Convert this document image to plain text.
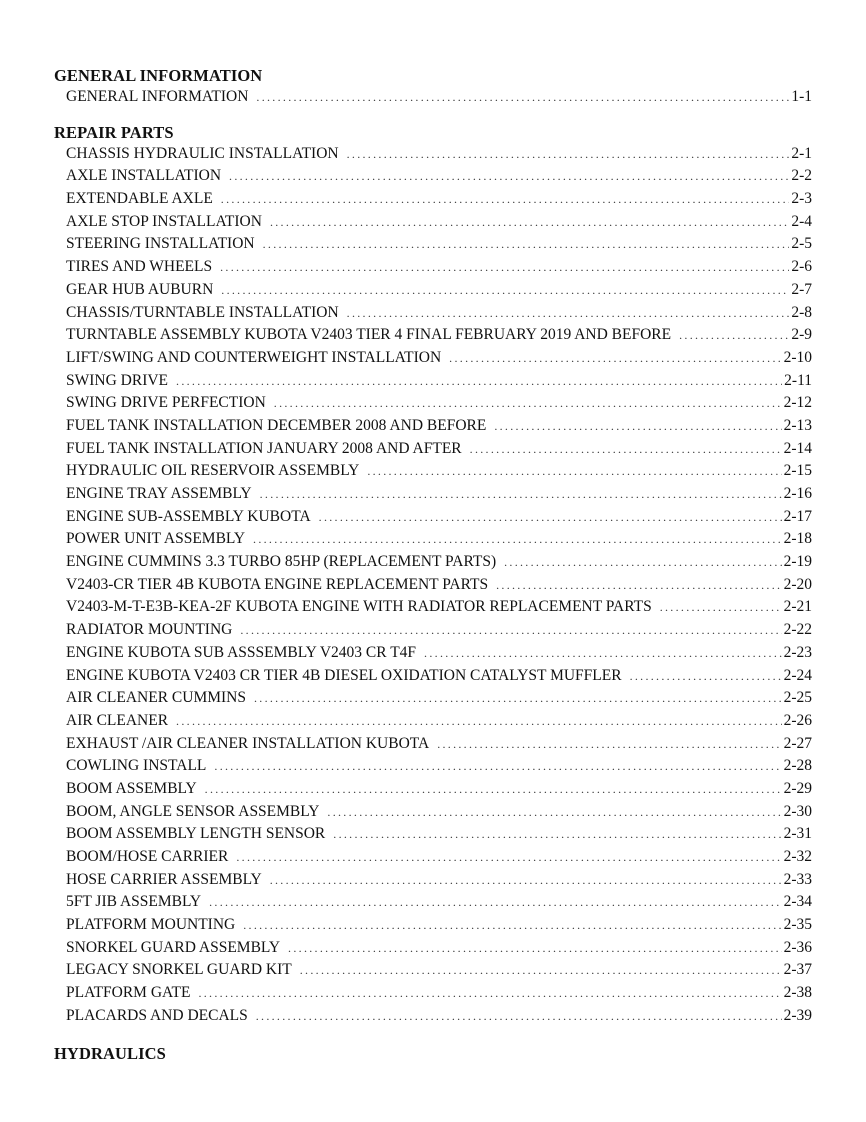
GENERAL INFORMATION
GENERAL INFORMATION .....	1-1
REPAIR PARTS
CHASSIS HYDRAULIC INSTALLATION .....	2-1
AXLE INSTALLATION .....	2-2
EXTENDABLE AXLE .....	2-3
AXLE STOP INSTALLATION .....	2-4
STEERING INSTALLATION .....	2-5
TIRES AND WHEELS .....	2-6
GEAR HUB AUBURN .....	2-7
CHASSIS/TURNTABLE INSTALLATION .....	2-8
TURNTABLE ASSEMBLY KUBOTA V2403 TIER 4 FINAL FEBRUARY 2019 AND BEFORE .....	2-9
LIFT/SWING AND COUNTERWEIGHT INSTALLATION .....	2-10
SWING DRIVE .....	2-11
SWING DRIVE PERFECTION .....	2-12
FUEL TANK INSTALLATION DECEMBER 2008 AND BEFORE .....	2-13
FUEL TANK INSTALLATION JANUARY 2008 AND AFTER .....	2-14
HYDRAULIC OIL RESERVOIR ASSEMBLY .....	2-15
ENGINE TRAY ASSEMBLY .....	2-16
ENGINE SUB-ASSEMBLY KUBOTA .....	2-17
POWER UNIT ASSEMBLY .....	2-18
ENGINE CUMMINS 3.3 TURBO 85HP (REPLACEMENT PARTS) .....	2-19
V2403-CR TIER 4B KUBOTA ENGINE REPLACEMENT PARTS .....	2-20
V2403-M-T-E3B-KEA-2F KUBOTA ENGINE WITH RADIATOR REPLACEMENT PARTS .....	2-21
RADIATOR MOUNTING .....	2-22
ENGINE KUBOTA SUB ASSSEMBLY V2403 CR T4F .....	2-23
ENGINE KUBOTA V2403 CR TIER 4B DIESEL OXIDATION CATALYST MUFFLER .....	2-24
AIR CLEANER CUMMINS .....	2-25
AIR CLEANER .....	2-26
EXHAUST /AIR CLEANER INSTALLATION KUBOTA .....	2-27
COWLING INSTALL .....	2-28
BOOM ASSEMBLY .....	2-29
BOOM, ANGLE SENSOR ASSEMBLY .....	2-30
BOOM ASSEMBLY LENGTH SENSOR .....	2-31
BOOM/HOSE CARRIER .....	2-32
HOSE CARRIER ASSEMBLY .....	2-33
5FT JIB ASSEMBLY .....	2-34
PLATFORM MOUNTING .....	2-35
SNORKEL GUARD ASSEMBLY .....	2-36
LEGACY SNORKEL GUARD KIT .....	2-37
PLATFORM GATE .....	2-38
PLACARDS AND DECALS .....	2-39
HYDRAULICS
